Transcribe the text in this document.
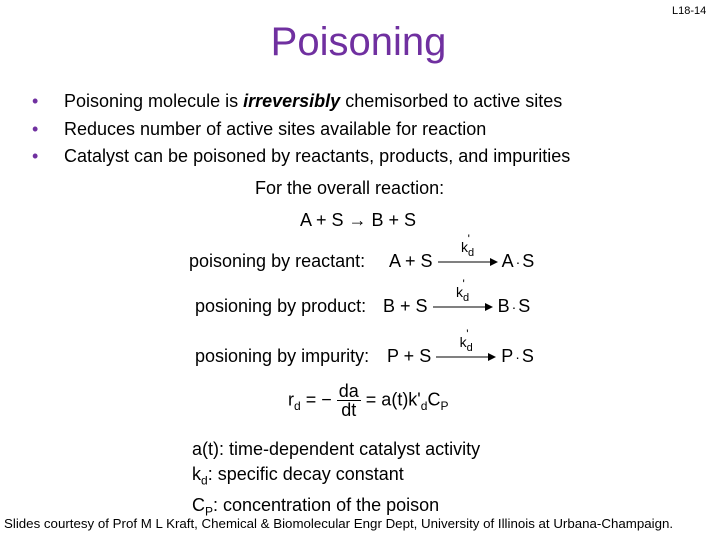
L18-14
Poisoning
• Poisoning molecule is irreversibly chemisorbed to active sites
• Reduces number of active sites available for reaction
• Catalyst can be poisoned by reactants, products, and impurities
For the overall reaction:
A + S → B + S
poisoning by reactant: A + S
'
$k_d$	A · S
posioning by product: B + S
'
$k_d$	B · S
posioning by impurity: P + S
'
$k_d$	P · S
$r_d$ = − $\frac{da}{dt} = a(t)k'_dC_P$
a(t): time-dependent catalyst activity
$k_d$: specific decay constant
$C_P$: concentration of the poison
Slides courtesy of Prof M L Kraft, Chemical & Biomolecular Engr Dept, University of Illinois at Urbana-Champaign.
